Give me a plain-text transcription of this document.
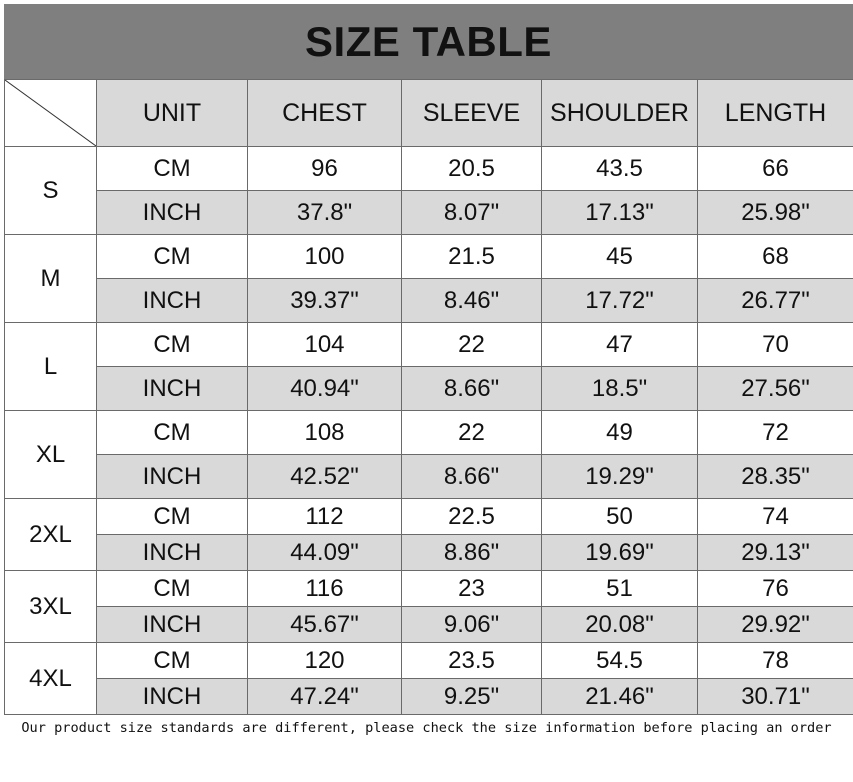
SIZE TABLE
	UNIT	CHEST	SLEEVE	SHOULDER	LENGTH
S	CM	96	20.5	43.5	66
	INCH	37.8"	8.07"	17.13"	25.98"
M	CM	100	21.5	45	68
	INCH	39.37"	8.46"	17.72"	26.77"
L	CM	104	22	47	70
	INCH	40.94"	8.66"	18.5"	27.56"
XL	CM	108	22	49	72
	INCH	42.52"	8.66"	19.29"	28.35"
2XL	CM	112	22.5	50	74
	INCH	44.09"	8.86"	19.69"	29.13"
3XL	CM	116	23	51	76
	INCH	45.67"	9.06"	20.08"	29.92"
4XL	CM	120	23.5	54.5	78
	INCH	47.24"	9.25"	21.46"	30.71"
Our product size standards are different, please check the size information before placing an order
